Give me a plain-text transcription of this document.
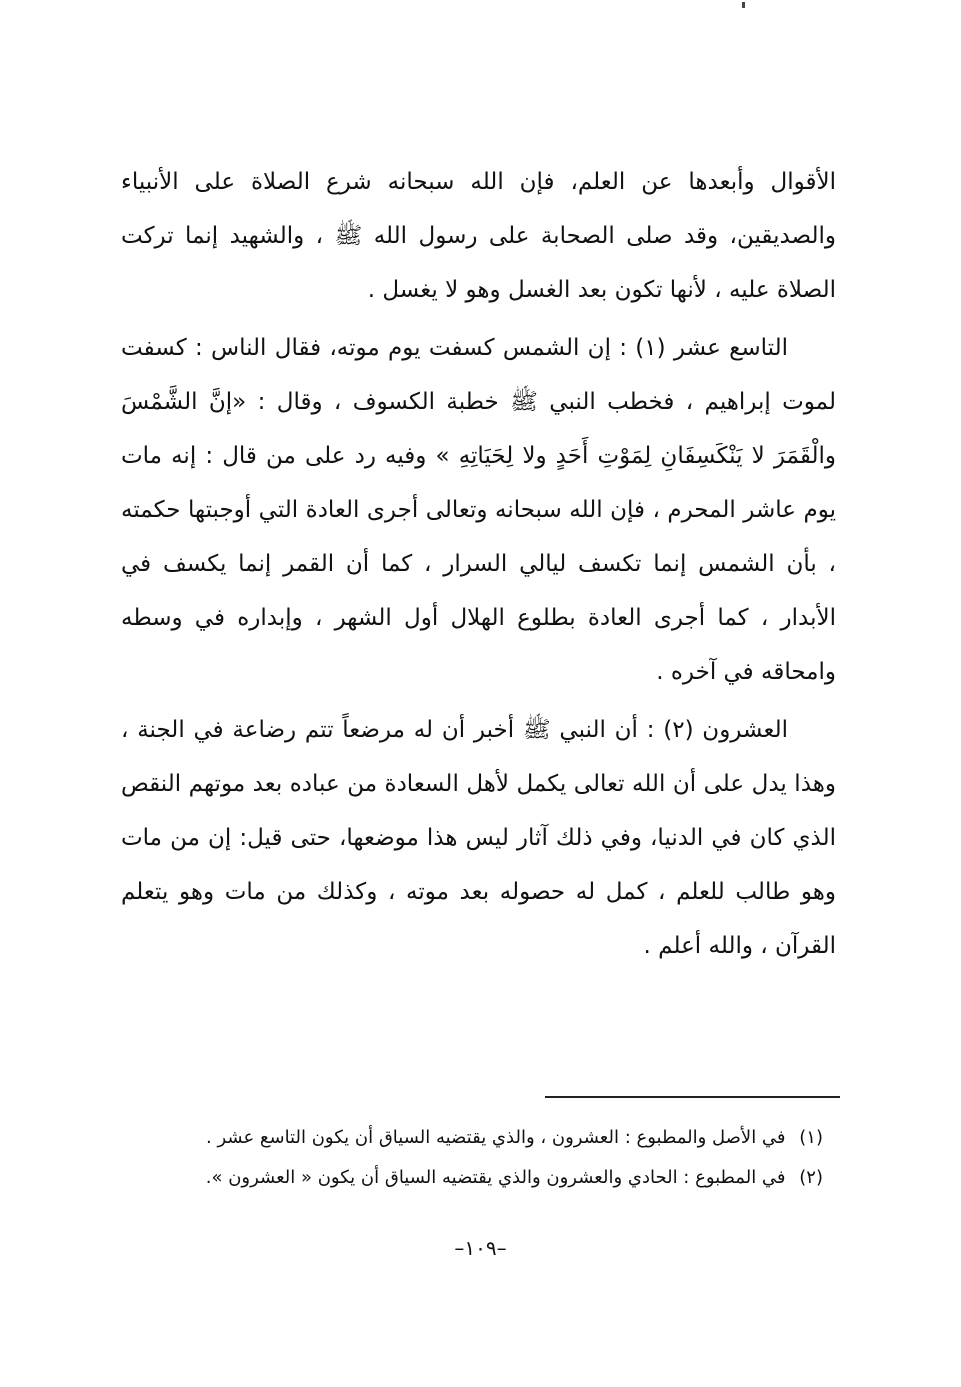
الأقوال وأبعدها عن العلم، فإن الله سبحانه شرع الصلاة على الأنبياء والصديقين، وقد صلى الصحابة على رسول الله ﷺ ، والشهيد إنما تركت الصلاة عليه ، لأنها تكون بعد الغسل وهو لا يغسل .

التاسع عشر (١) : إن الشمس كسفت يوم موته، فقال الناس : كسفت لموت إبراهيم ، فخطب النبي ﷺ خطبة الكسوف ، وقال : «إنَّ الشَّمْسَ والْقَمَرَ لا يَنْكَسِفَانِ لِمَوْتِ أَحَدٍ ولا لِحَيَاتِهِ » وفيه رد على من قال : إنه مات يوم عاشر المحرم ، فإن الله سبحانه وتعالى أجرى العادة التي أوجبتها حكمته ، بأن الشمس إنما تكسف ليالي السرار ، كما أن القمر إنما يكسف في الأبدار ، كما أجرى العادة بطلوع الهلال أول الشهر ، وإبداره في وسطه وامحاقه في آخره .

العشرون (٢) : أن النبي ﷺ أخبر أن له مرضعاً تتم رضاعة في الجنة ، وهذا يدل على أن الله تعالى يكمل لأهل السعادة من عباده بعد موتهم النقص الذي كان في الدنيا، وفي ذلك آثار ليس هذا موضعها، حتى قيل: إن من مات وهو طالب للعلم ، كمل له حصوله بعد موته ، وكذلك من مات وهو يتعلم القرآن ، والله أعلم .

(١) في الأصل والمطبوع : العشرون ، والذي يقتضيه السياق أن يكون التاسع عشر .

(٢) في المطبوع : الحادي والعشرون والذي يقتضيه السياق أن يكون « العشرون ».

–١٠٩–
